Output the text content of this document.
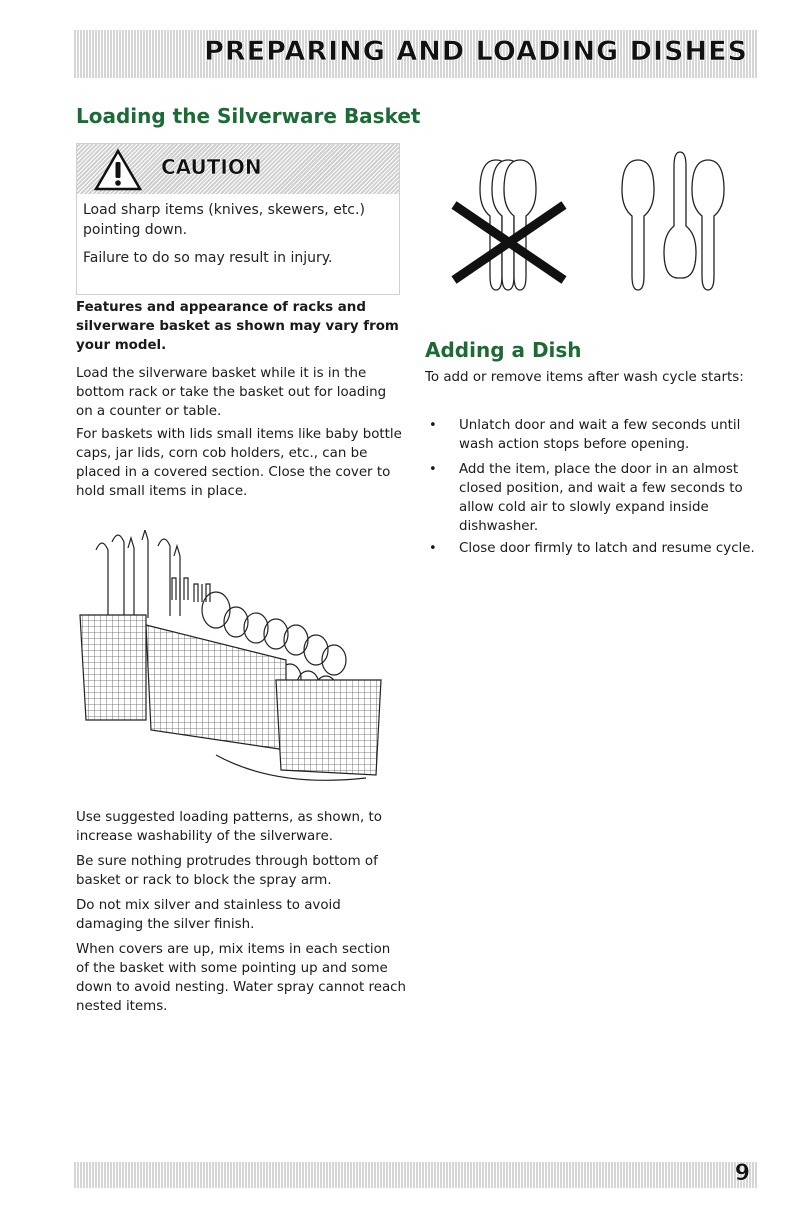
PREPARING AND LOADING DISHES
Loading the Silverware Basket

CAUTION

Load sharp items (knives, skewers, etc.) pointing down.

Failure to do so may result in injury.

Features and appearance of racks and silverware basket as shown may vary from your model.

Load the silverware basket while it is in the bottom rack or take the basket out for loading on a counter or table.

For baskets with lids small items like baby bottle caps, jar lids, corn cob holders, etc., can be placed in a covered section. Close the cover to hold small items in place.

Use suggested loading patterns, as shown, to increase washability of the silverware.

Be sure nothing protrudes through bottom of basket or rack to block the spray arm.

Do not mix silver and stainless to avoid damaging the silver finish.

When covers are up, mix items in each section of the basket with some pointing up and some down to avoid nesting. Water spray cannot reach nested items.

Adding a Dish

To add or remove items after wash cycle starts:

•	Unlatch door and wait a few seconds until wash action stops before opening.

•	Add the item, place the door in an almost closed position, and wait a few seconds to allow cold air to slowly expand inside dishwasher.

•	Close door firmly to latch and resume cycle.

9
